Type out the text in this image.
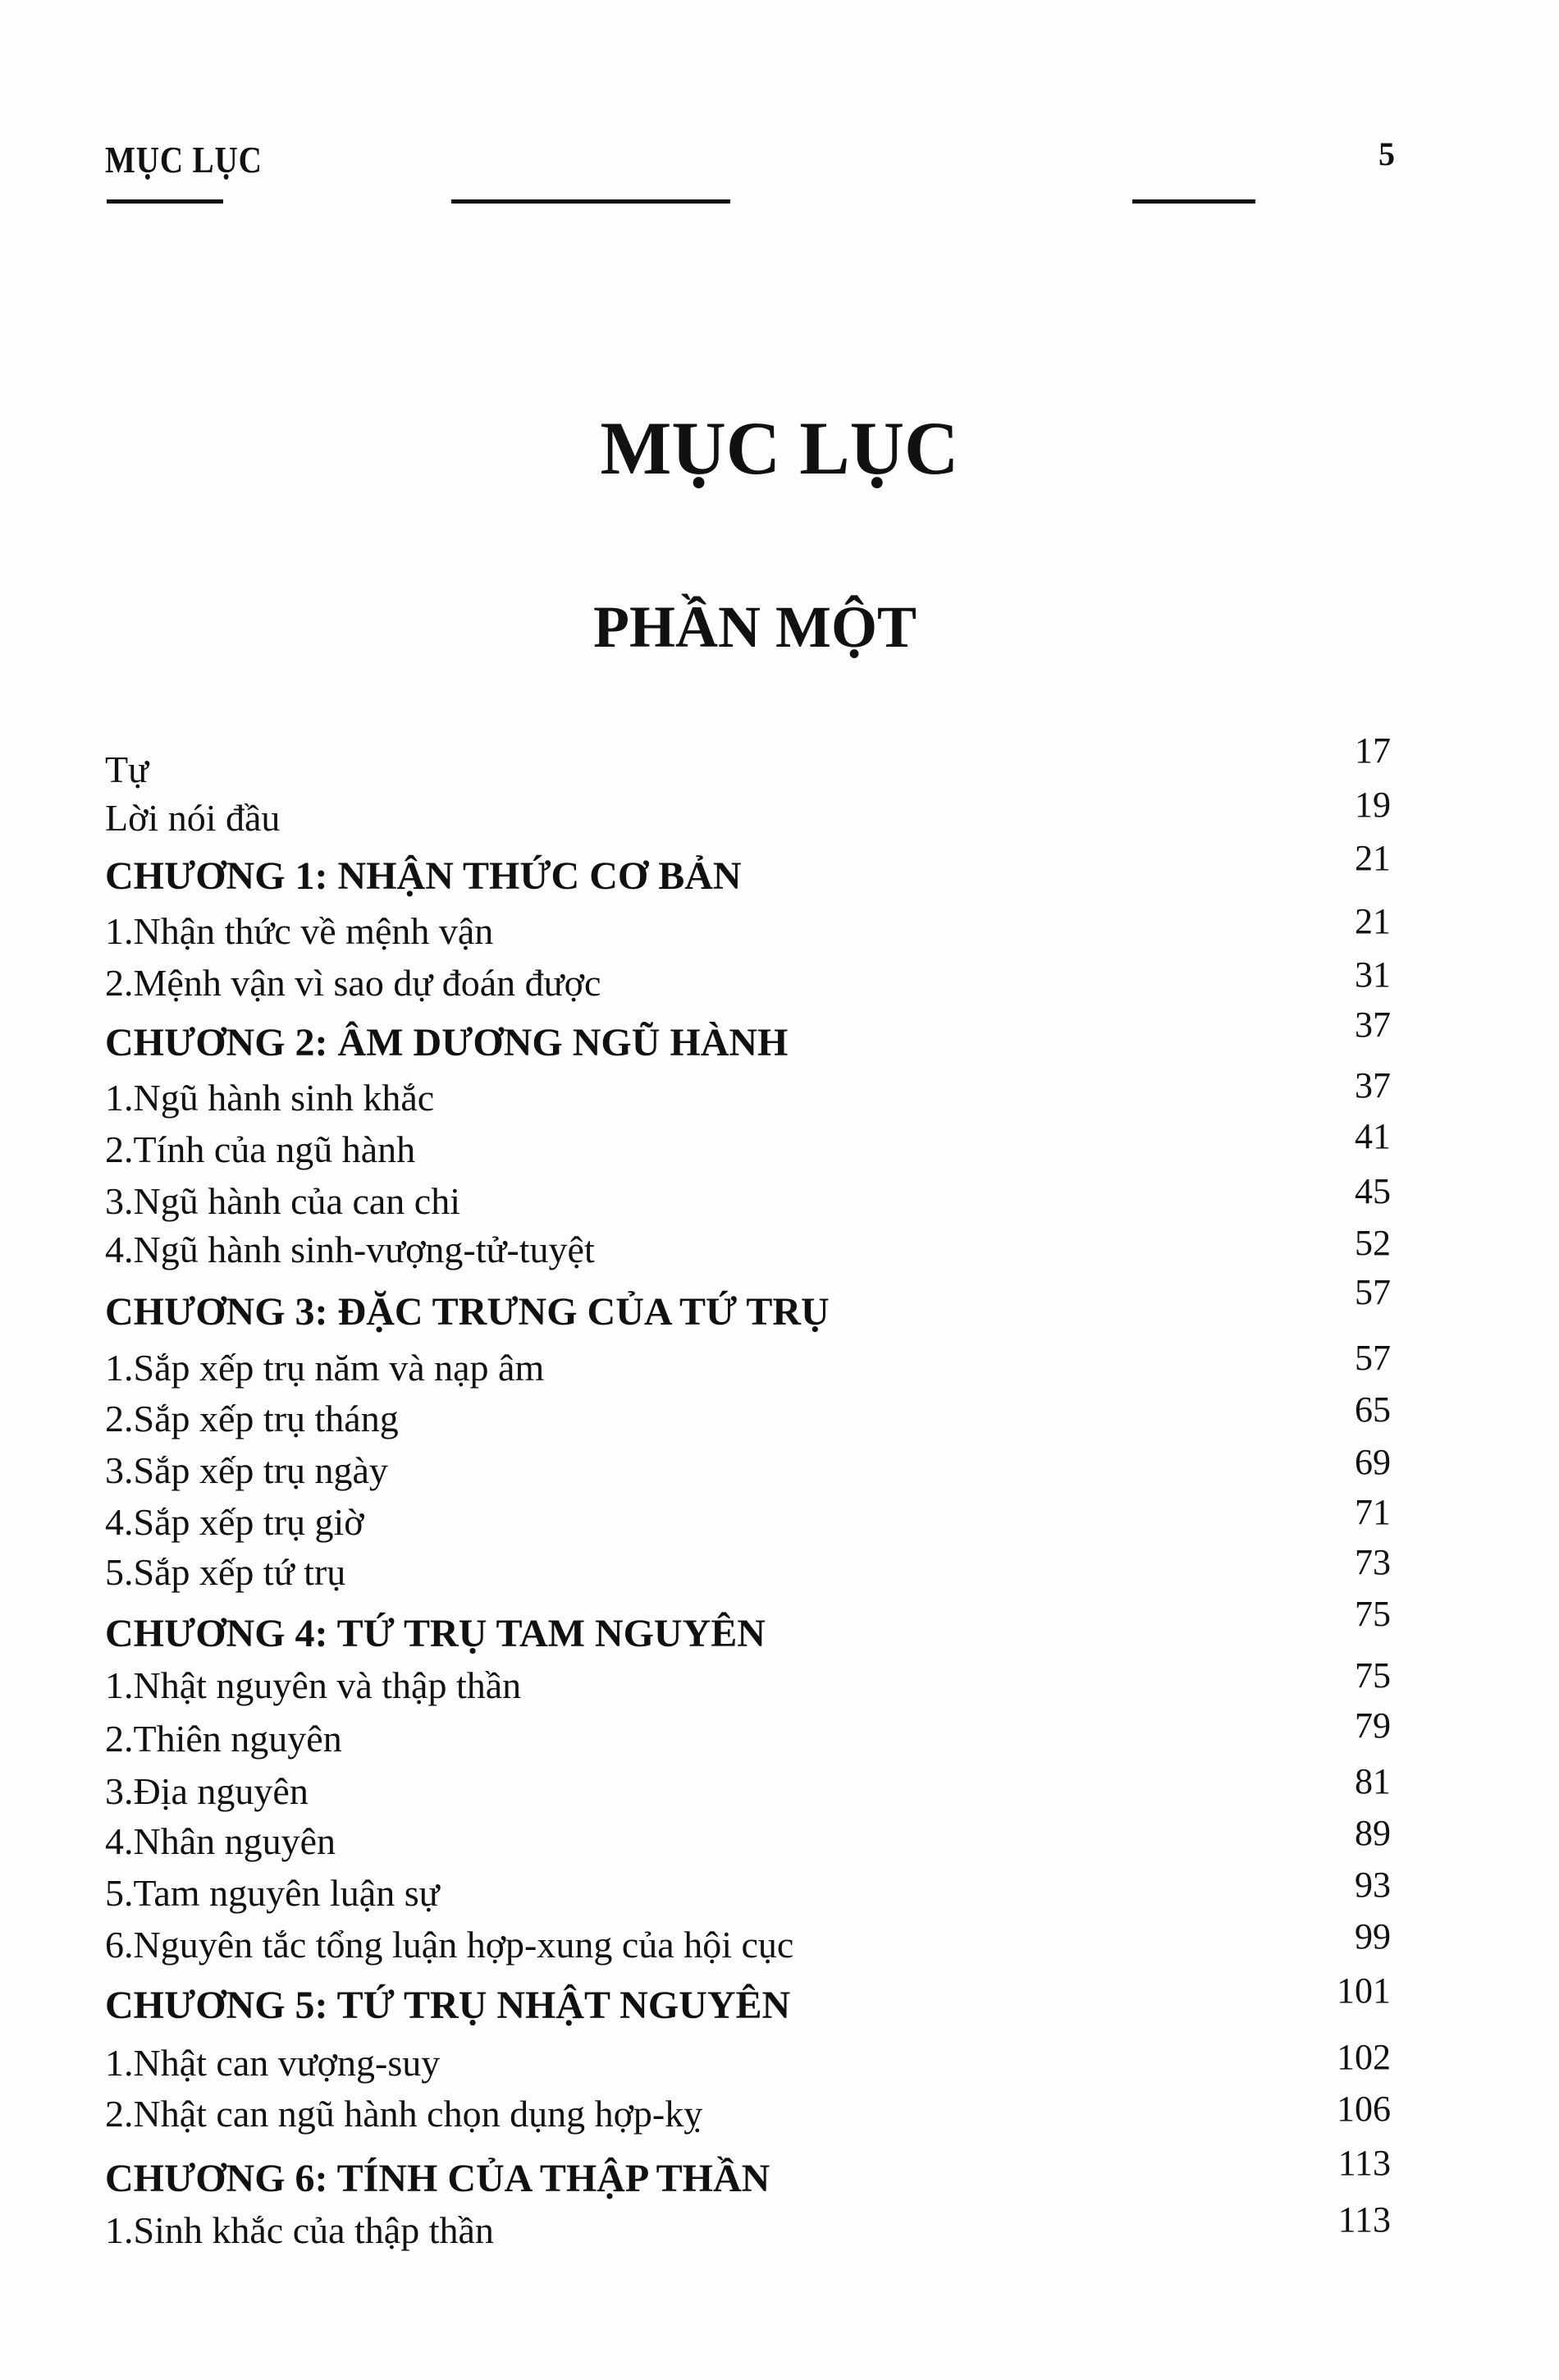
MỤC LỤC	5
MỤC LỤC
PHẦN MỘT
Tự	17
Lời nói đầu	19
CHƯƠNG 1: NHẬN THỨC CƠ BẢN	21
1.Nhận thức về mệnh vận	21
2.Mệnh vận vì sao dự đoán được	31
CHƯƠNG 2: ÂM DƯƠNG NGŨ HÀNH	37
1.Ngũ hành sinh khắc	37
2.Tính của ngũ hành	41
3.Ngũ hành của can chi	45
4.Ngũ hành sinh-vượng-tử-tuyệt	52
CHƯƠNG 3: ĐẶC TRƯNG CỦA TỨ TRỤ	57
1.Sắp xếp trụ năm và nạp âm	57
2.Sắp xếp trụ tháng	65
3.Sắp xếp trụ ngày	69
4.Sắp xếp trụ giờ	71
5.Sắp xếp tứ trụ	73
CHƯƠNG 4: TỨ TRỤ TAM NGUYÊN	75
1.Nhật nguyên và thập thần	75
2.Thiên nguyên	79
3.Địa nguyên	81
4.Nhân nguyên	89
5.Tam nguyên luận sự	93
6.Nguyên tắc tổng luận hợp-xung của hội cục	99
CHƯƠNG 5: TỨ TRỤ NHẬT NGUYÊN	101
1.Nhật can vượng-suy	102
2.Nhật can ngũ hành chọn dụng hợp-kỵ	106
CHƯƠNG 6: TÍNH CỦA THẬP THẦN	113
1.Sinh khắc của thập thần	113
